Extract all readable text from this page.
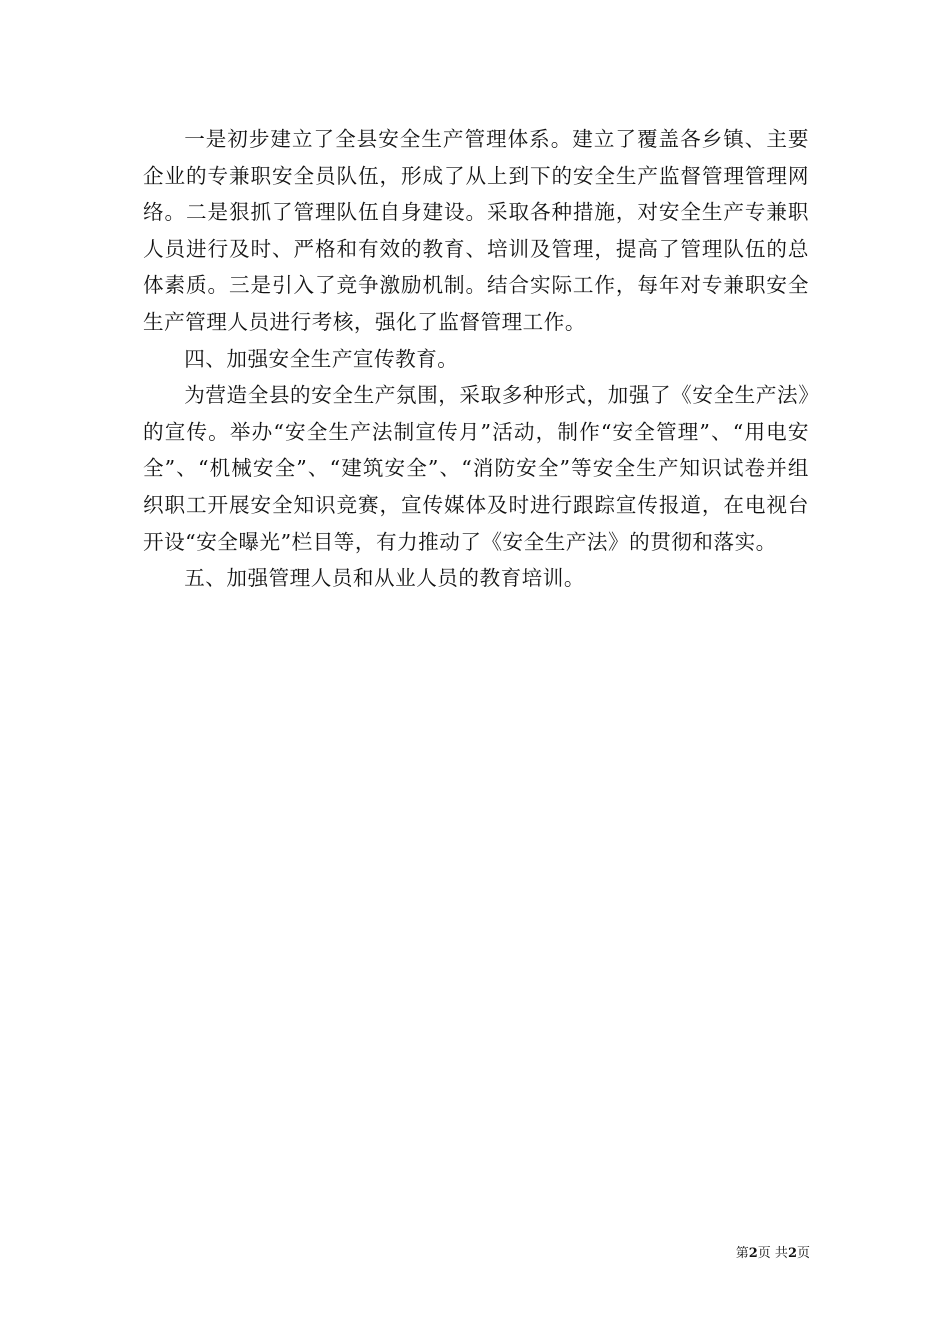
一是初步建立了全县安全生产管理体系。建立了覆盖各乡镇、主要企业的专兼职安全员队伍，形成了从上到下的安全生产监督管理管理网络。二是狠抓了管理队伍自身建设。采取各种措施，对安全生产专兼职人员进行及时、严格和有效的教育、培训及管理，提高了管理队伍的总体素质。三是引入了竞争激励机制。结合实际工作，每年对专兼职安全生产管理人员进行考核，强化了监督管理工作。

四、加强安全生产宣传教育。

为营造全县的安全生产氛围，采取多种形式，加强了《安全生产法》的宣传。举办“安全生产法制宣传月”活动，制作“安全管理”、“用电安全”、“机械安全”、“建筑安全”、“消防安全”等安全生产知识试卷并组织职工开展安全知识竞赛，宣传媒体及时进行跟踪宣传报道，在电视台开设“安全曝光”栏目等，有力推动了《安全生产法》的贯彻和落实。

五、加强管理人员和从业人员的教育培训。

第2页 共2页
